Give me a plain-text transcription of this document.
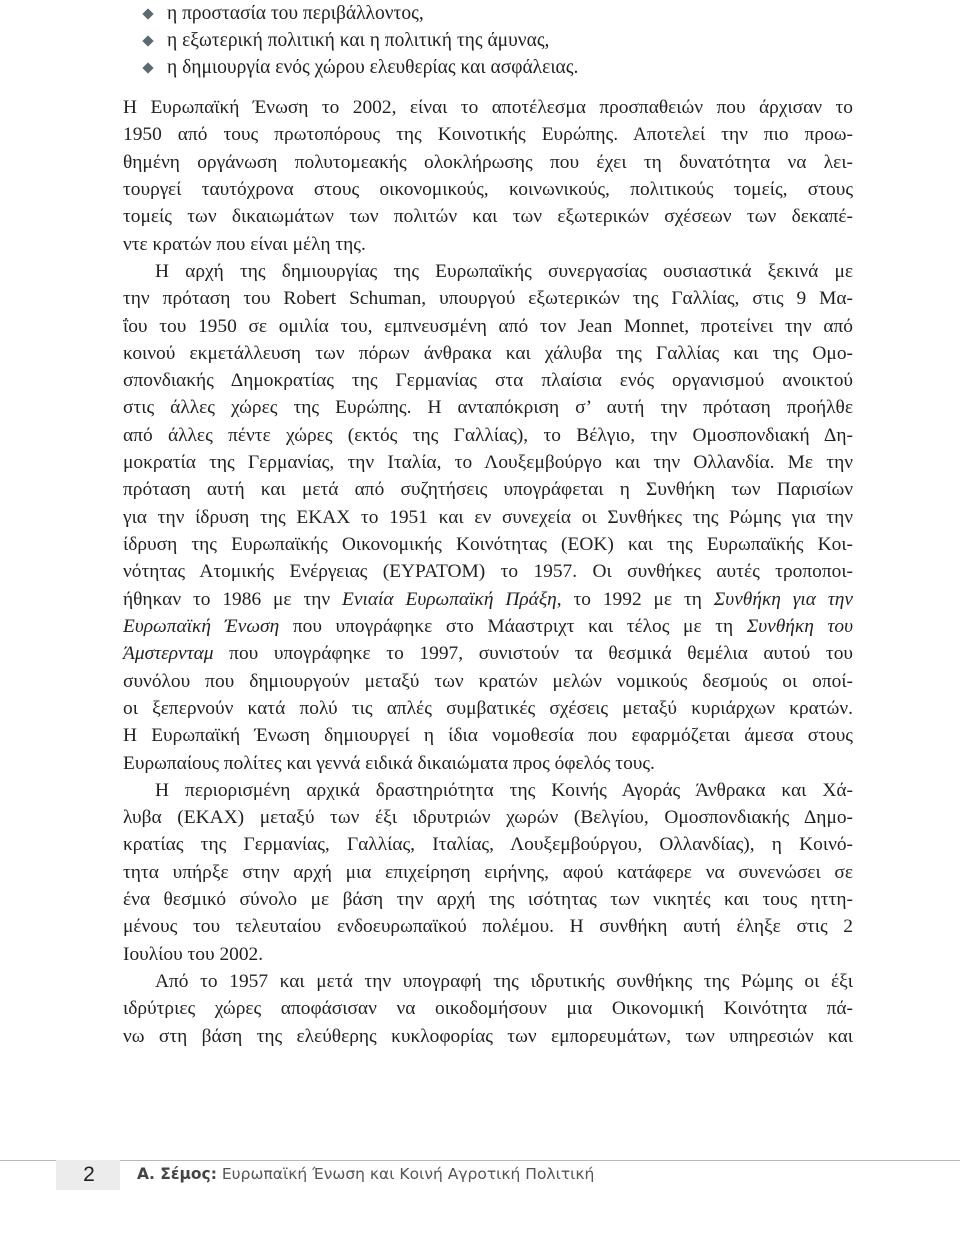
η προστασία του περιβάλλοντος,
η εξωτερική πολιτική και η πολιτική της άμυνας,
η δημιουργία ενός χώρου ελευθερίας και ασφάλειας.
Η Ευρωπαϊκή Ένωση το 2002, είναι το αποτέλεσμα προσπαθειών που άρχισαν το
1950 από τους πρωτοπόρους της Κοινοτικής Ευρώπης. Αποτελεί την πιο προω-
θημένη οργάνωση πολυτομεακής ολοκλήρωσης που έχει τη δυνατότητα να λει-
τουργεί ταυτόχρονα στους οικονομικούς, κοινωνικούς, πολιτικούς τομείς, στους
τομείς των δικαιωμάτων των πολιτών και των εξωτερικών σχέσεων των δεκαπέ-
ντε κρατών που είναι μέλη της.
Η αρχή της δημιουργίας της Ευρωπαϊκής συνεργασίας ουσιαστικά ξεκινά με
την πρόταση του Robert Schuman, υπουργού εξωτερικών της Γαλλίας, στις 9 Μα-
ΐου του 1950 σε ομιλία του, εμπνευσμένη από τον Jean Monnet, προτείνει την από
κοινού εκμετάλλευση των πόρων άνθρακα και χάλυβα της Γαλλίας και της Ομο-
σπονδιακής Δημοκρατίας της Γερμανίας στα πλαίσια ενός οργανισμού ανοικτού
στις άλλες χώρες της Ευρώπης. Η ανταπόκριση σ’ αυτή την πρόταση προήλθε
από άλλες πέντε χώρες (εκτός της Γαλλίας), το Βέλγιο, την Ομοσπονδιακή Δη-
μοκρατία της Γερμανίας, την Ιταλία, το Λουξεμβούργο και την Ολλανδία. Με την
πρόταση αυτή και μετά από συζητήσεις υπογράφεται η Συνθήκη των Παρισίων
για την ίδρυση της ΕΚΑΧ το 1951 και εν συνεχεία οι Συνθήκες της Ρώμης για την
ίδρυση της Ευρωπαϊκής Οικονομικής Κοινότητας (ΕΟΚ) και της Ευρωπαϊκής Κοι-
νότητας Ατομικής Ενέργειας (ΕΥΡΑΤΟΜ) το 1957. Οι συνθήκες αυτές τροποποι-
ήθηκαν το 1986 με την Ενιαία Ευρωπαϊκή Πράξη, το 1992 με τη Συνθήκη για την
Ευρωπαϊκή Ένωση που υπογράφηκε στο Μάαστριχτ και τέλος με τη Συνθήκη του
Άμστερνταμ που υπογράφηκε το 1997, συνιστούν τα θεσμικά θεμέλια αυτού του
συνόλου που δημιουργούν μεταξύ των κρατών μελών νομικούς δεσμούς οι οποί-
οι ξεπερνούν κατά πολύ τις απλές συμβατικές σχέσεις μεταξύ κυριάρχων κρατών.
Η Ευρωπαϊκή Ένωση δημιουργεί η ίδια νομοθεσία που εφαρμόζεται άμεσα στους
Ευρωπαίους πολίτες και γεννά ειδικά δικαιώματα προς όφελός τους.
Η περιορισμένη αρχικά δραστηριότητα της Κοινής Αγοράς Άνθρακα και Χά-
λυβα (ΕΚΑΧ) μεταξύ των έξι ιδρυτριών χωρών (Βελγίου, Ομοσπονδιακής Δημο-
κρατίας της Γερμανίας, Γαλλίας, Ιταλίας, Λουξεμβούργου, Ολλανδίας), η Κοινό-
τητα υπήρξε στην αρχή μια επιχείρηση ειρήνης, αφού κατάφερε να συνενώσει σε
ένα θεσμικό σύνολο με βάση την αρχή της ισότητας των νικητές και τους ηττη-
μένους του τελευταίου ενδοευρωπαϊκού πολέμου. Η συνθήκη αυτή έληξε στις 2
Ιουλίου του 2002.
Από το 1957 και μετά την υπογραφή της ιδρυτικής συνθήκης της Ρώμης οι έξι
ιδρύτριες χώρες αποφάσισαν να οικοδομήσουν μια Οικονομική Κοινότητα πά-
νω στη βάση της ελεύθερης κυκλοφορίας των εμπορευμάτων, των υπηρεσιών και
2	Α. Σέμος: Ευρωπαϊκή Ένωση και Κοινή Αγροτική Πολιτική
